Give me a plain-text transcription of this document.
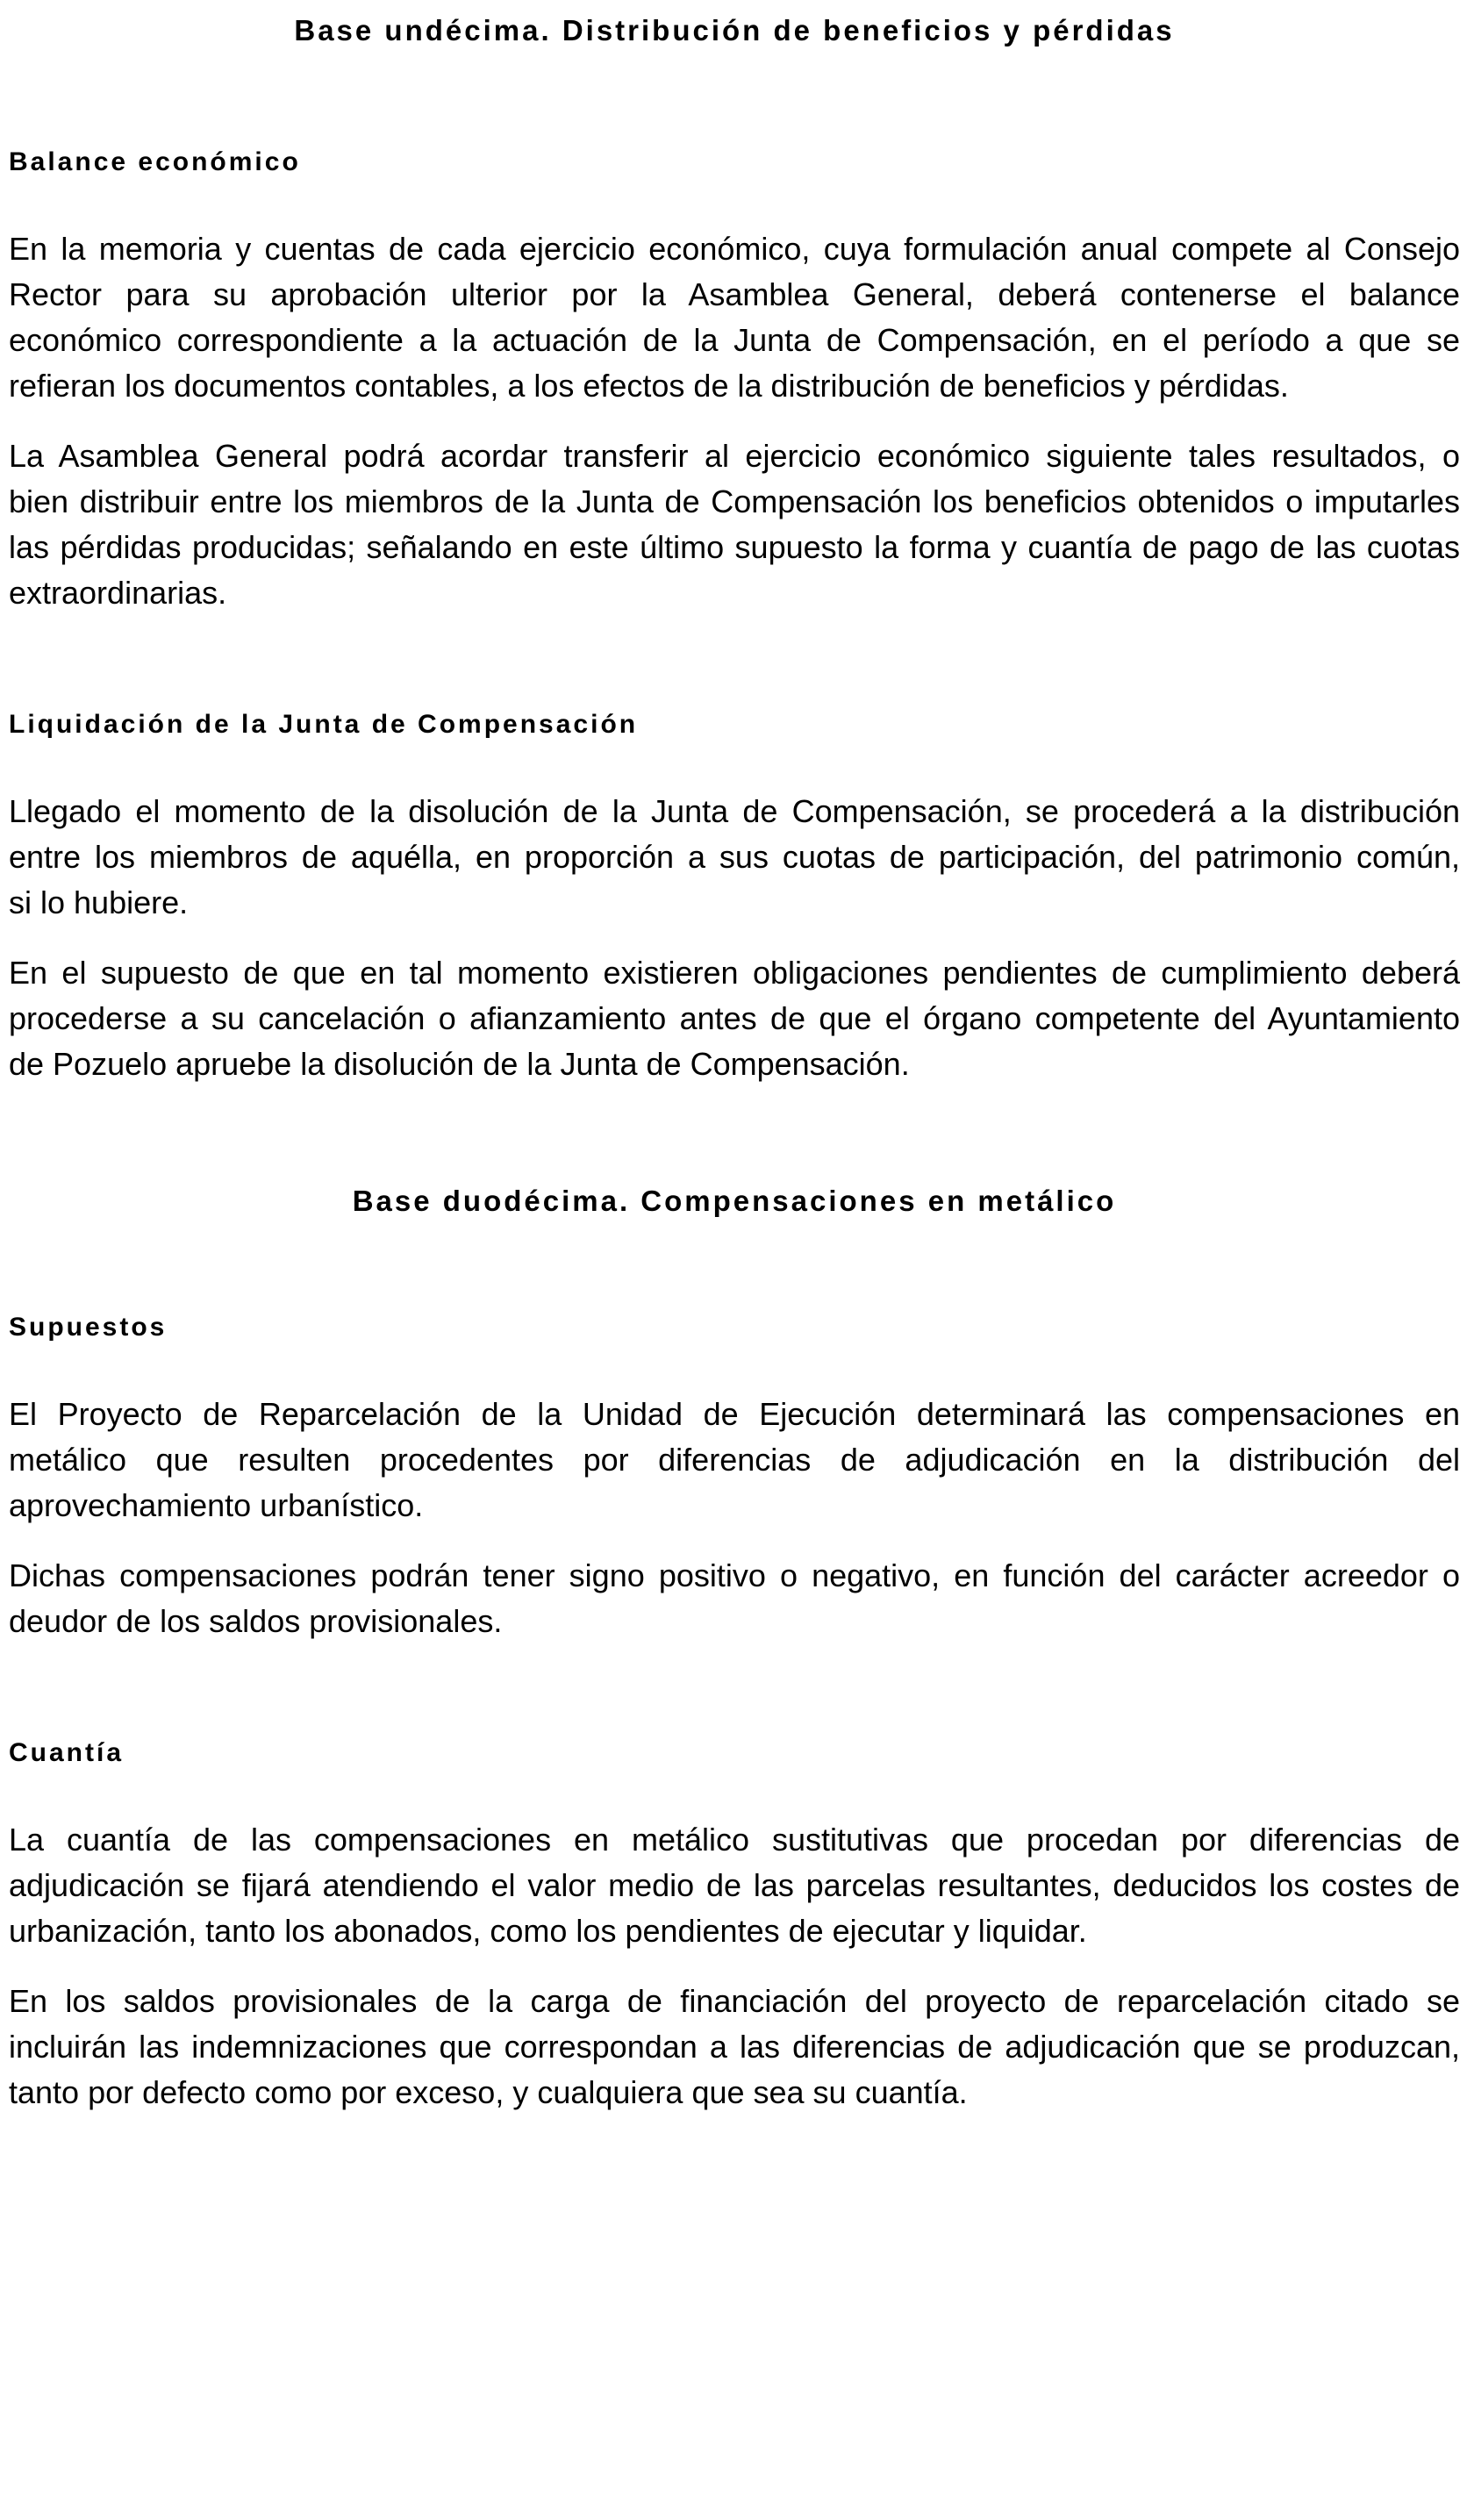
Base undécima. Distribución de beneficios y pérdidas
Balance económico
En la memoria y cuentas de cada ejercicio económico, cuya formulación anual compete al Consejo
Rector para su aprobación ulterior por la Asamblea General, deberá contenerse el balance
económico correspondiente a la actuación de la Junta de Compensación, en el período a que se
refieran los documentos contables, a los efectos de la distribución de beneficios y pérdidas.
La Asamblea General podrá acordar transferir al ejercicio económico siguiente tales resultados, o
bien distribuir entre los miembros de la Junta de Compensación los beneficios obtenidos o imputarles
las pérdidas producidas; señalando en este último supuesto la forma y cuantía de pago de las cuotas
extraordinarias.
Liquidación de la Junta de Compensación
Llegado el momento de la disolución de la Junta de Compensación, se procederá a la distribución
entre los miembros de aquélla, en proporción a sus cuotas de participación, del patrimonio común,
si lo hubiere.
En el supuesto de que en tal momento existieren obligaciones pendientes de cumplimiento deberá
procederse a su cancelación o afianzamiento antes de que el órgano competente del Ayuntamiento
de Pozuelo apruebe la disolución de la Junta de Compensación.
Base duodécima. Compensaciones en metálico
Supuestos
El Proyecto de Reparcelación de la Unidad de Ejecución determinará las compensaciones en
metálico que resulten procedentes por diferencias de adjudicación en la distribución del
aprovechamiento urbanístico.
Dichas compensaciones podrán tener signo positivo o negativo, en función del carácter acreedor o
deudor de los saldos provisionales.
Cuantía
La cuantía de las compensaciones en metálico sustitutivas que procedan por diferencias de
adjudicación se fijará atendiendo el valor medio de las parcelas resultantes, deducidos los costes de
urbanización, tanto los abonados, como los pendientes de ejecutar y liquidar.
En los saldos provisionales de la carga de financiación del proyecto de reparcelación citado se
incluirán las indemnizaciones que correspondan a las diferencias de adjudicación que se produzcan,
tanto por defecto como por exceso, y cualquiera que sea su cuantía.
